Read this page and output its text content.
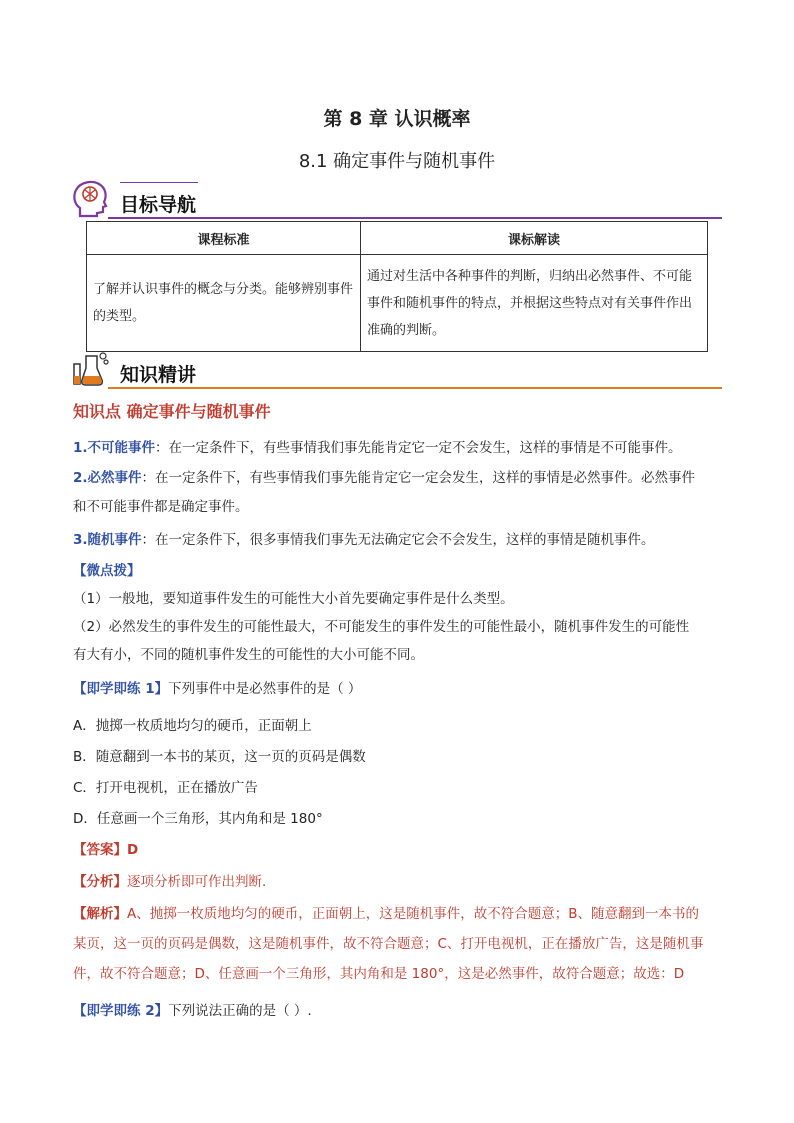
第 8 章 认识概率
8.1 确定事件与随机事件
目标导航
课程标准	课标解读
了解并认识事件的概念与分类。能够辨别事件的类型。	通过对生活中各种事件的判断，归纳出必然事件、不可能事件和随机事件的特点，并根据这些特点对有关事件作出准确的判断。
知识精讲
知识点 确定事件与随机事件
1.不可能事件：在一定条件下，有些事情我们事先能肯定它一定不会发生，这样的事情是不可能事件。
2.必然事件：在一定条件下，有些事情我们事先能肯定它一定会发生，这样的事情是必然事件。必然事件
和不可能事件都是确定事件。
3.随机事件：在一定条件下，很多事情我们事先无法确定它会不会发生，这样的事情是随机事件。
【微点拨】
（1）一般地，要知道事件发生的可能性大小首先要确定事件是什么类型。
（2）必然发生的事件发生的可能性最大，不可能发生的事件发生的可能性最小，随机事件发生的可能性
有大有小，不同的随机事件发生的可能性的大小可能不同。
【即学即练 1】下列事件中是必然事件的是（ ）
A．抛掷一枚质地均匀的硬币，正面朝上
B．随意翻到一本书的某页，这一页的页码是偶数
C．打开电视机，正在播放广告
D．任意画一个三角形，其内角和是 180°
【答案】D
【分析】逐项分析即可作出判断．
【解析】A、抛掷一枚质地均匀的硬币，正面朝上，这是随机事件，故不符合题意；B、随意翻到一本书的
某页，这一页的页码是偶数，这是随机事件，故不符合题意；C、打开电视机，正在播放广告，这是随机事
件，故不符合题意；D、任意画一个三角形，其内角和是 180°，这是必然事件，故符合题意；故选：D
【即学即练 2】下列说法正确的是（ ）.
